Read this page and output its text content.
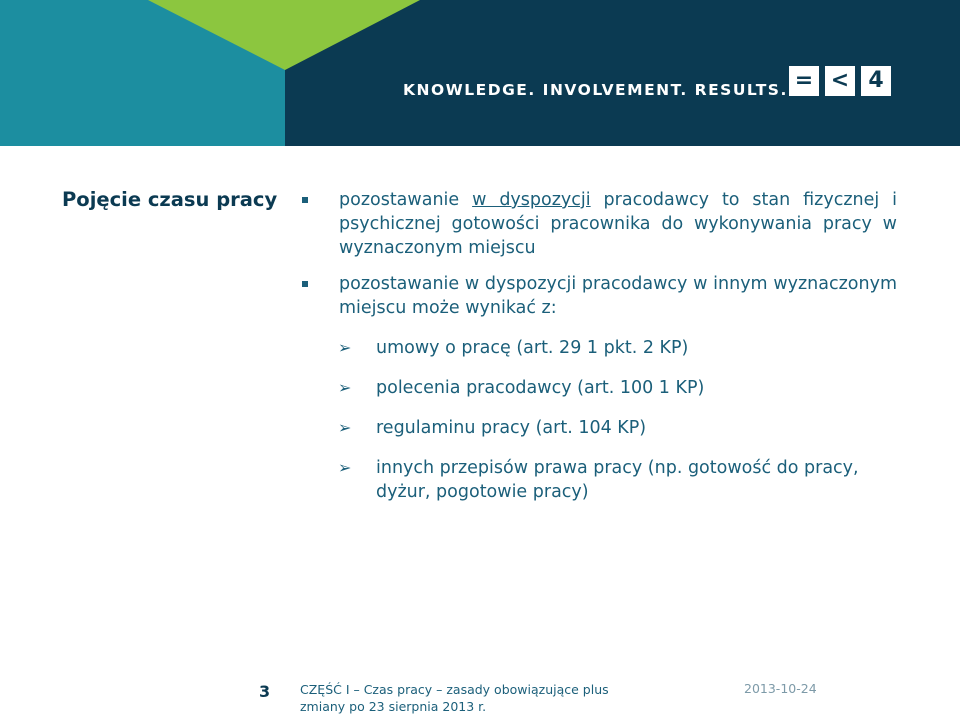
KNOWLEDGE. INVOLVEMENT. RESULTS. = < 4
Pojęcie czasu pracy	pozostawanie w dyspozycji pracodawcy to stan fizycznej i psychicznej gotowości pracownika do wykonywania pracy w wyznaczonym miejscu
pozostawanie w dyspozycji pracodawcy w innym wyznaczonym miejscu może wynikać z:
➢ umowy o pracę (art. 29 1 pkt. 2 KP)
➢ polecenia pracodawcy (art. 100 1 KP)
➢ regulaminu pracy (art. 104 KP)
➢ innych przepisów prawa pracy (np. gotowość do pracy, dyżur, pogotowie pracy)
3 CZĘŚĆ I – Czas pracy – zasady obowiązujące plus
zmiany po 23 sierpnia 2013 r.
2013-10-24
